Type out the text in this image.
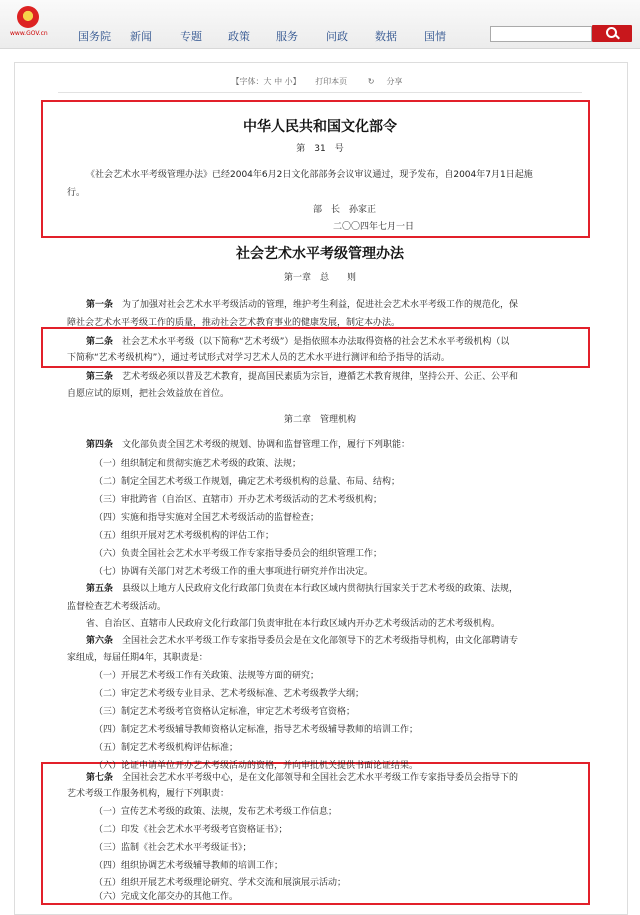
www.GOV.cn	国务院 新闻	专题 政策 服务	问政 数据 国情
【字体：大 中 小】 打印本页	↻ 分享
中华人民共和国文化部令
第　31　号
《社会艺术水平考级管理办法》已经2004年6月2日文化部部务会议审议通过，现予发布，自2004年7月1日起施
行。
部　长　孙家正
二〇〇四年七月一日
社会艺术水平考级管理办法
第一章　总　　则
第一条　 为了加强对社会艺术水平考级活动的管理，维护考生利益，促进社会艺术水平考级工作的规范化，保
障社会艺术水平考级工作的质量，推动社会艺术教育事业的健康发展，制定本办法。
第二条　 社会艺术水平考级（以下简称“艺术考级”）是指依照本办法取得资格的社会艺术水平考级机构（以
下简称“艺术考级机构”），通过考试形式对学习艺术人员的艺术水平进行测评和给予指导的活动。
第三条　 艺术考级必须以普及艺术教育，提高国民素质为宗旨，遵循艺术教育规律，坚持公开、公正、公平和
自愿应试的原则，把社会效益放在首位。
第二章　管理机构
第四条　 文化部负责全国艺术考级的规划、协调和监督管理工作，履行下列职能：
（一）组织制定和贯彻实施艺术考级的政策、法规；
（二）制定全国艺术考级工作规划，确定艺术考级机构的总量、布局、结构；
（三）审批跨省（自治区、直辖市）开办艺术考级活动的艺术考级机构；
（四）实施和指导实施对全国艺术考级活动的监督检查；
（五）组织开展对艺术考级机构的评估工作；
（六）负责全国社会艺术水平考级工作专家指导委员会的组织管理工作；
（七）协调有关部门对艺术考级工作的重大事项进行研究并作出决定。
第五条　 县级以上地方人民政府文化行政部门负责在本行政区域内贯彻执行国家关于艺术考级的政策、法规，
监督检查艺术考级活动。
省、自治区、直辖市人民政府文化行政部门负责审批在本行政区域内开办艺术考级活动的艺术考级机构。
第六条　 全国社会艺术水平考级工作专家指导委员会是在文化部领导下的艺术考级指导机构，由文化部聘请专
家组成，每届任期4年，其职责是：
（一）开展艺术考级工作有关政策、法规等方面的研究；
（二）审定艺术考级专业目录、艺术考级标准、艺术考级教学大纲；
（三）制定艺术考级考官资格认定标准，审定艺术考级考官资格；
（四）制定艺术考级辅导教师资格认定标准，指导艺术考级辅导教师的培训工作；
（五）制定艺术考级机构评估标准；
（六）论证申请单位开办艺术考级活动的资格，并向审批机关提供书面论证结果。
第七条　 全国社会艺术水平考级中心，是在文化部领导和全国社会艺术水平考级工作专家指导委员会指导下的
艺术考级工作服务机构，履行下列职责：
（一）宣传艺术考级的政策、法规，发布艺术考级工作信息；
（二）印发《社会艺术水平考级考官资格证书》；
（三）监制《社会艺术水平考级证书》；
（四）组织协调艺术考级辅导教师的培训工作；
（五）组织开展艺术考级理论研究、学术交流和展演展示活动；
（六）完成文化部交办的其他工作。
